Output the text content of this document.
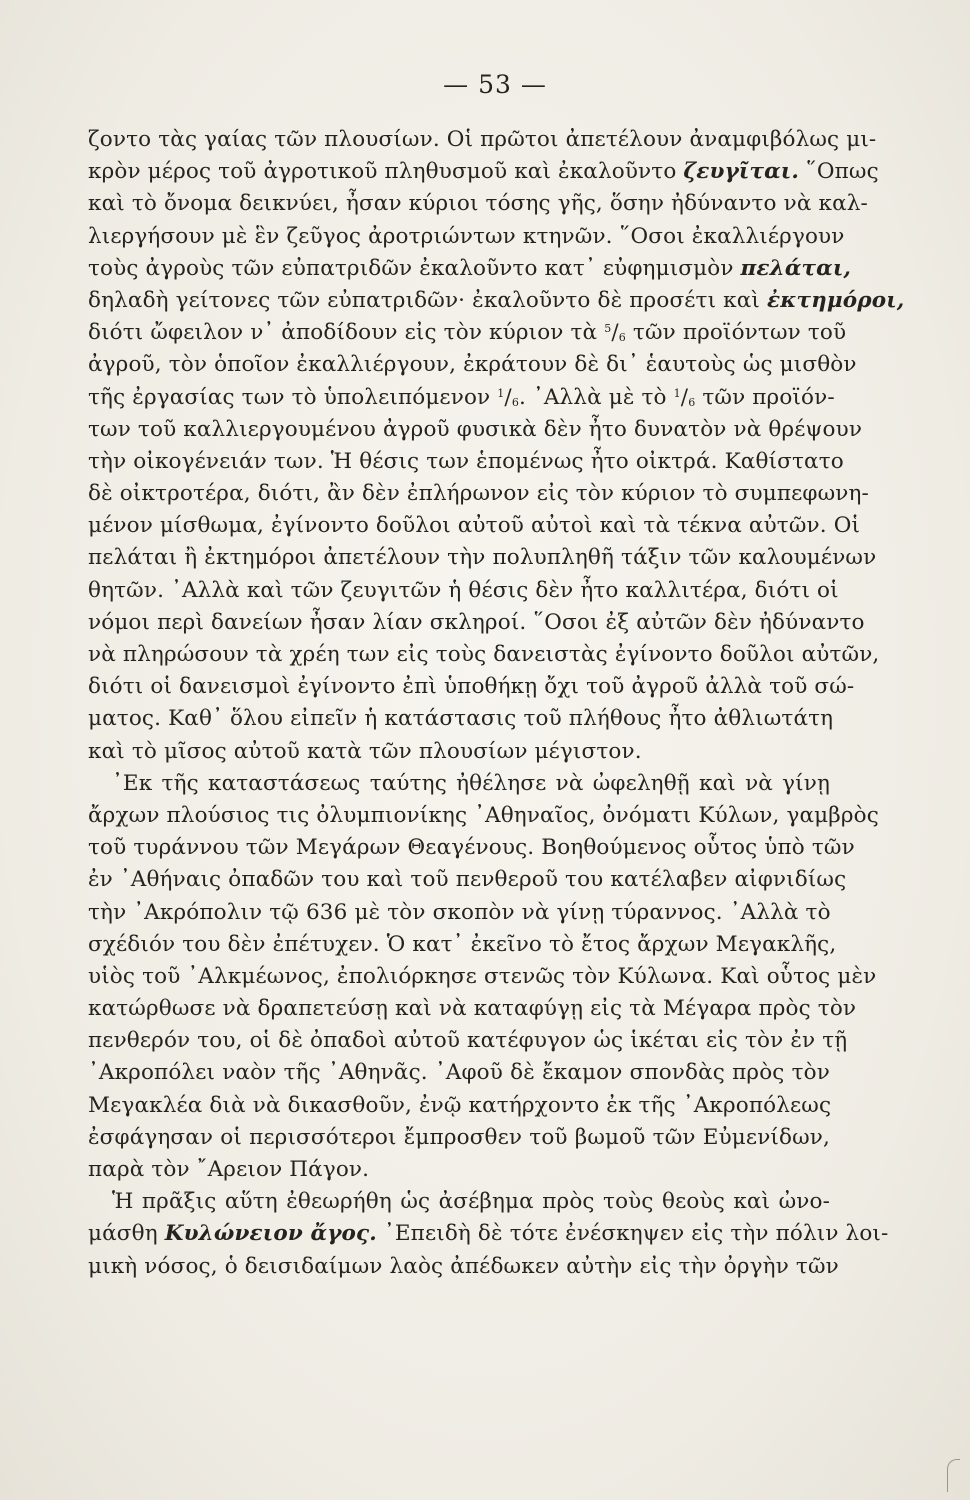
— 53 —
ζοντο τὰς γαίας τῶν πλουσίων. Οἱ πρῶτοι ἀπετέλουν ἀναμφιβόλως μι-
κρὸν μέρος τοῦ ἀγροτικοῦ πληθυσμοῦ καὶ ἐκαλοῦντο ζευγῖται. ῞Οπως
καὶ τὸ ὄνομα δεικνύει, ἦσαν κύριοι τόσης γῆς, ὅσην ἠδύναντο νὰ καλ-
λιεργήσουν μὲ ἓν ζεῦγος ἀροτριώντων κτηνῶν. ῞Οσοι ἐκαλλιέργουν
τοὺς ἀγροὺς τῶν εὐπατριδῶν ἐκαλοῦντο κατ᾿ εὐφημισμὸν πελάται,
δηλαδὴ γείτονες τῶν εὐπατριδῶν· ἐκαλοῦντο δὲ προσέτι καὶ ἐκτημόροι,
διότι ὤφειλον ν᾿ ἀποδίδουν εἰς τὸν κύριον τὰ $^5$/6 τῶν προϊόντων τοῦ
ἀγροῦ, τὸν ὁποῖον ἐκαλλιέργουν, ἐκράτουν δὲ δι᾿ ἑαυτοὺς ὡς μισθὸν
τῆς ἐργασίας των τὸ ὑπολειπόμενον $^1$/6. ᾿Αλλὰ μὲ τὸ $^1$/6 τῶν προϊόν-
των τοῦ καλλιεργουμένου ἀγροῦ φυσικὰ δὲν ἦτο δυνατὸν νὰ θρέψουν
τὴν οἰκογένειάν των. Ἡ θέσις των ἑπομένως ἦτο οἰκτρά. Καθίστατο
δὲ οἰκτροτέρα, διότι, ἂν δὲν ἐπλήρωνον εἰς τὸν κύριον τὸ συμπεφωνη-
μένον μίσθωμα, ἐγίνοντο δοῦλοι αὐτοῦ αὐτοὶ καὶ τὰ τέκνα αὐτῶν. Οἱ
πελάται ἢ ἐκτημόροι ἀπετέλουν τὴν πολυπληθῆ τάξιν τῶν καλουμένων
θητῶν. ᾿Αλλὰ καὶ τῶν ζευγιτῶν ἡ θέσις δὲν ἦτο καλλιτέρα, διότι οἱ
νόμοι περὶ δανείων ἦσαν λίαν σκληροί. ῞Οσοι ἐξ αὐτῶν δὲν ἠδύναντο
νὰ πληρώσουν τὰ χρέη των εἰς τοὺς δανειστὰς ἐγίνοντο δοῦλοι αὐτῶν,
διότι οἱ δανεισμοὶ ἐγίνοντο ἐπὶ ὑποθήκῃ ὄχι τοῦ ἀγροῦ ἀλλὰ τοῦ σώ-
ματος. Καθ᾿ ὅλου εἰπεῖν ἡ κατάστασις τοῦ πλήθους ἦτο ἀθλιωτάτη
καὶ τὸ μῖσος αὐτοῦ κατὰ τῶν πλουσίων μέγιστον.
᾿Εκ τῆς καταστάσεως ταύτης ἠθέλησε νὰ ὠφεληθῇ καὶ νὰ γίνῃ
ἄρχων πλούσιος τις ὀλυμπιονίκης ᾿Αθηναῖος, ὀνόματι Κύλων, γαμβρὸς
τοῦ τυράννου τῶν Μεγάρων Θεαγένους. Βοηθούμενος οὗτος ὑπὸ τῶν
ἐν ᾿Αθήναις ὀπαδῶν του καὶ τοῦ πενθεροῦ του κατέλαβεν αἰφνιδίως
τὴν ᾿Ακρόπολιν τῷ 636 μὲ τὸν σκοπὸν νὰ γίνῃ τύραννος. ᾿Αλλὰ τὸ
σχέδιόν του δὲν ἐπέτυχεν. Ὁ κατ᾿ ἐκεῖνο τὸ ἔτος ἄρχων Μεγακλῆς,
υἱὸς τοῦ ᾿Αλκμέωνος, ἐπολιόρκησε στενῶς τὸν Κύλωνα. Καὶ οὗτος μὲν
κατώρθωσε νὰ δραπετεύσῃ καὶ νὰ καταφύγῃ εἰς τὰ Μέγαρα πρὸς τὸν
πενθερόν του, οἱ δὲ ὀπαδοὶ αὐτοῦ κατέφυγον ὡς ἱκέται εἰς τὸν ἐν τῇ
᾿Ακροπόλει ναὸν τῆς ᾿Αθηνᾶς. ᾿Αφοῦ δὲ ἔκαμον σπονδὰς πρὸς τὸν
Μεγακλέα διὰ νὰ δικασθοῦν, ἐνῷ κατήρχοντο ἐκ τῆς ᾿Ακροπόλεως
ἐσφάγησαν οἱ περισσότεροι ἔμπροσθεν τοῦ βωμοῦ τῶν Εὐμενίδων,
παρὰ τὸν ῎Αρειον Πάγον.
Ἡ πρᾶξις αὕτη ἐθεωρήθη ὡς ἀσέβημα πρὸς τοὺς θεοὺς καὶ ὠνο-
μάσθη Κυλώνειον ἄγος. ᾿Επειδὴ δὲ τότε ἐνέσκηψεν εἰς τὴν πόλιν λοι-
μικὴ νόσος, ὁ δεισιδαίμων λαὸς ἀπέδωκεν αὐτὴν εἰς τὴν ὀργὴν τῶν
